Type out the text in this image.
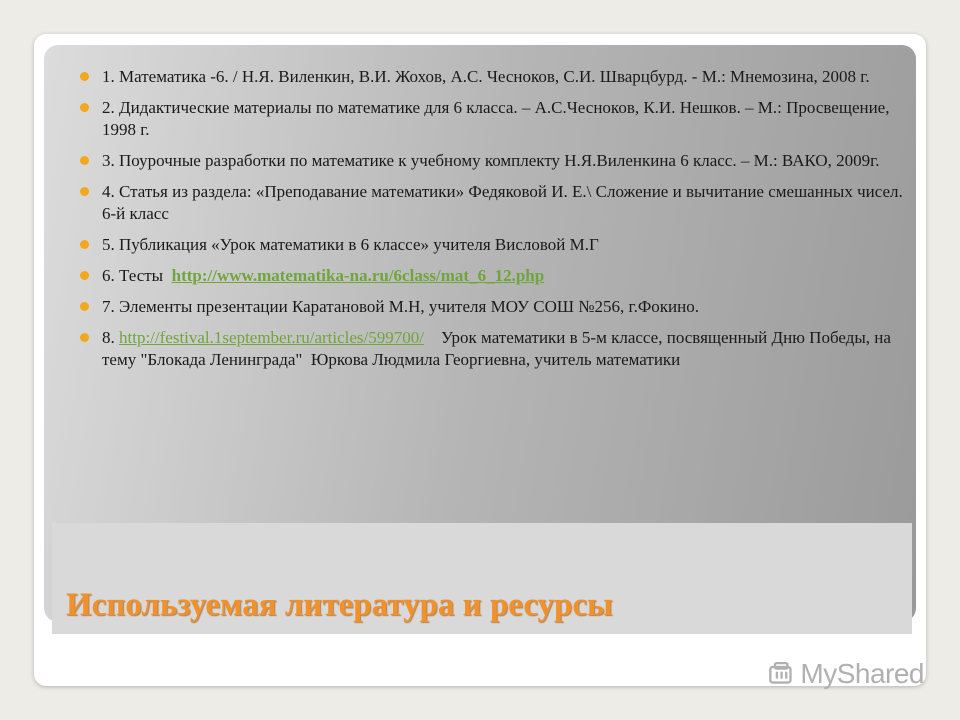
1. Математика -6. / Н.Я. Виленкин, В.И. Жохов, А.С. Чесноков, С.И. Шварцбурд. - М.: Мнемозина, 2008 г.
2. Дидактические материалы по математике для 6 класса. – А.С.Чесноков, К.И. Нешков. – М.: Просвещение, 1998 г.
3. Поурочные разработки по математике к учебному комплекту Н.Я.Виленкина 6 класс. – М.: ВАКО, 2009г.
4. Статья из раздела: «Преподавание математики» Федяковой И. Е.\ Сложение и вычитание смешанных чисел. 6-й класс
5. Публикация «Урок математики в 6 классе» учителя Висловой М.Г
6. Тесты  http://www.matematika-na.ru/6class/mat_6_12.php
7. Элементы презентации Каратановой М.Н, учителя МОУ СОШ №256, г.Фокино.
8. http://festival.1september.ru/articles/599700/    Урок математики в 5-м классе, посвященный Дню Победы, на тему "Блокада Ленинграда"  Юркова Людмила Георгиевна, учитель математики
Используемая литература и ресурсы
MyShared
